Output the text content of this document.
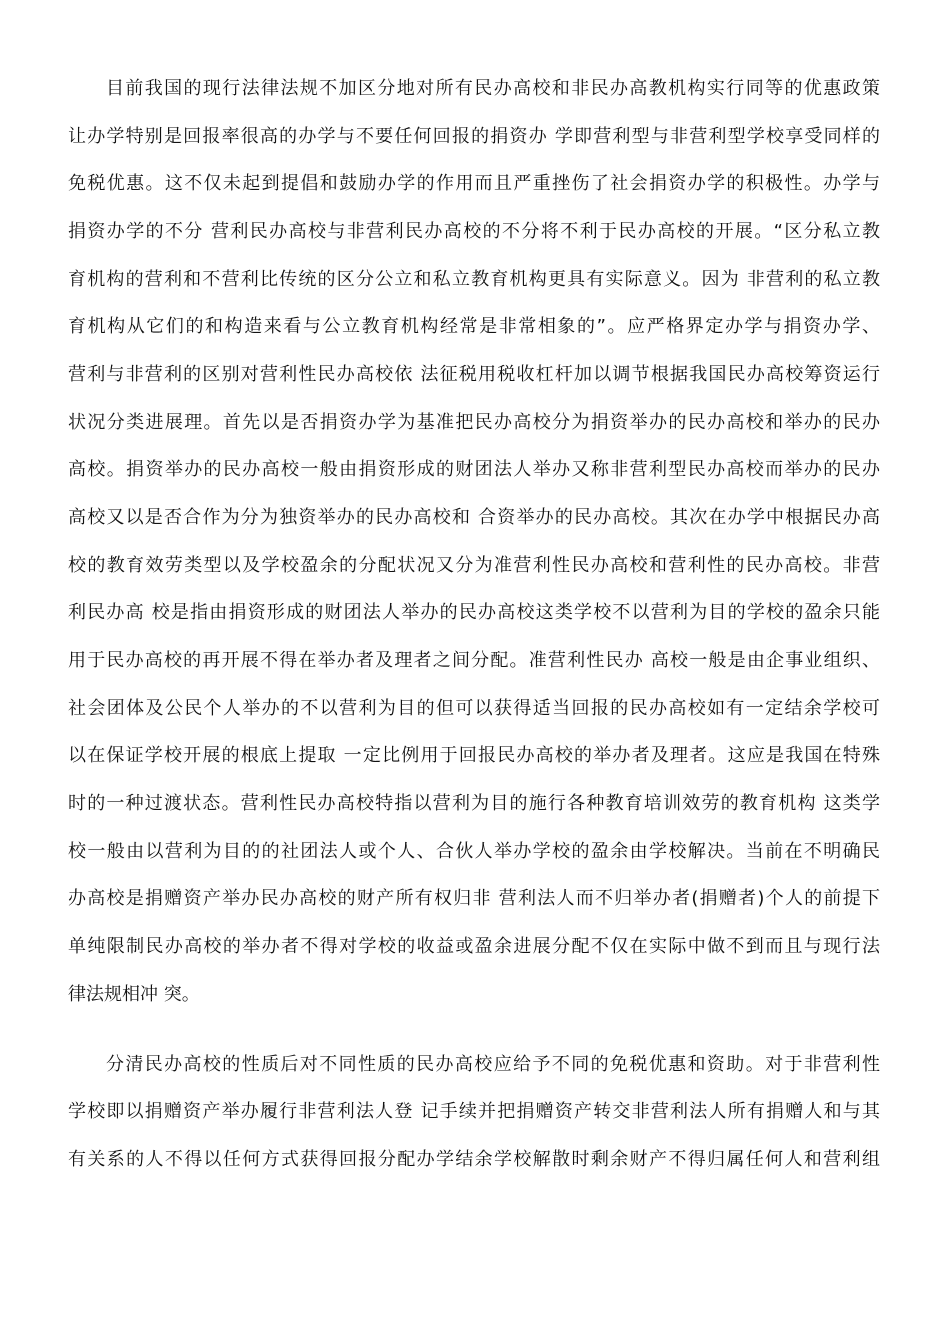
目前我国的现行法律法规不加区分地对所有民办高校和非民办高教机构实行同等的优惠政策
让办学特别是回报率很高的办学与不要任何回报的捐资办 学即营利型与非营利型学校享受同样的
免税优惠。这不仅未起到提倡和鼓励办学的作用而且严重挫伤了社会捐资办学的积极性。办学与
捐资办学的不分 营利民办高校与非营利民办高校的不分将不利于民办高校的开展。“区分私立教
育机构的营利和不营利比传统的区分公立和私立教育机构更具有实际意义。因为 非营利的私立教
育机构从它们的和构造来看与公立教育机构经常是非常相象的”。应严格界定办学与捐资办学、
营利与非营利的区别对营利性民办高校依 法征税用税收杠杆加以调节根据我国民办高校筹资运行
状况分类进展理。首先以是否捐资办学为基准把民办高校分为捐资举办的民办高校和举办的民办
高校。捐资举办的民办高校一般由捐资形成的财团法人举办又称非营利型民办高校而举办的民办
高校又以是否合作为分为独资举办的民办高校和 合资举办的民办高校。其次在办学中根据民办高
校的教育效劳类型以及学校盈余的分配状况又分为准营利性民办高校和营利性的民办高校。非营
利民办高 校是指由捐资形成的财团法人举办的民办高校这类学校不以营利为目的学校的盈余只能
用于民办高校的再开展不得在举办者及理者之间分配。准营利性民办 高校一般是由企事业组织、
社会团体及公民个人举办的不以营利为目的但可以获得适当回报的民办高校如有一定结余学校可
以在保证学校开展的根底上提取 一定比例用于回报民办高校的举办者及理者。这应是我国在特殊
时的一种过渡状态。营利性民办高校特指以营利为目的施行各种教育培训效劳的教育机构 这类学
校一般由以营利为目的的社团法人或个人、合伙人举办学校的盈余由学校解决。当前在不明确民
办高校是捐赠资产举办民办高校的财产所有权归非 营利法人而不归举办者(捐赠者)个人的前提下
单纯限制民办高校的举办者不得对学校的收益或盈余进展分配不仅在实际中做不到而且与现行法
律法规相冲 突。
分清民办高校的性质后对不同性质的民办高校应给予不同的免税优惠和资助。对于非营利性
学校即以捐赠资产举办履行非营利法人登 记手续并把捐赠资产转交非营利法人所有捐赠人和与其
有关系的人不得以任何方式获得回报分配办学结余学校解散时剩余财产不得归属任何人和营利组
